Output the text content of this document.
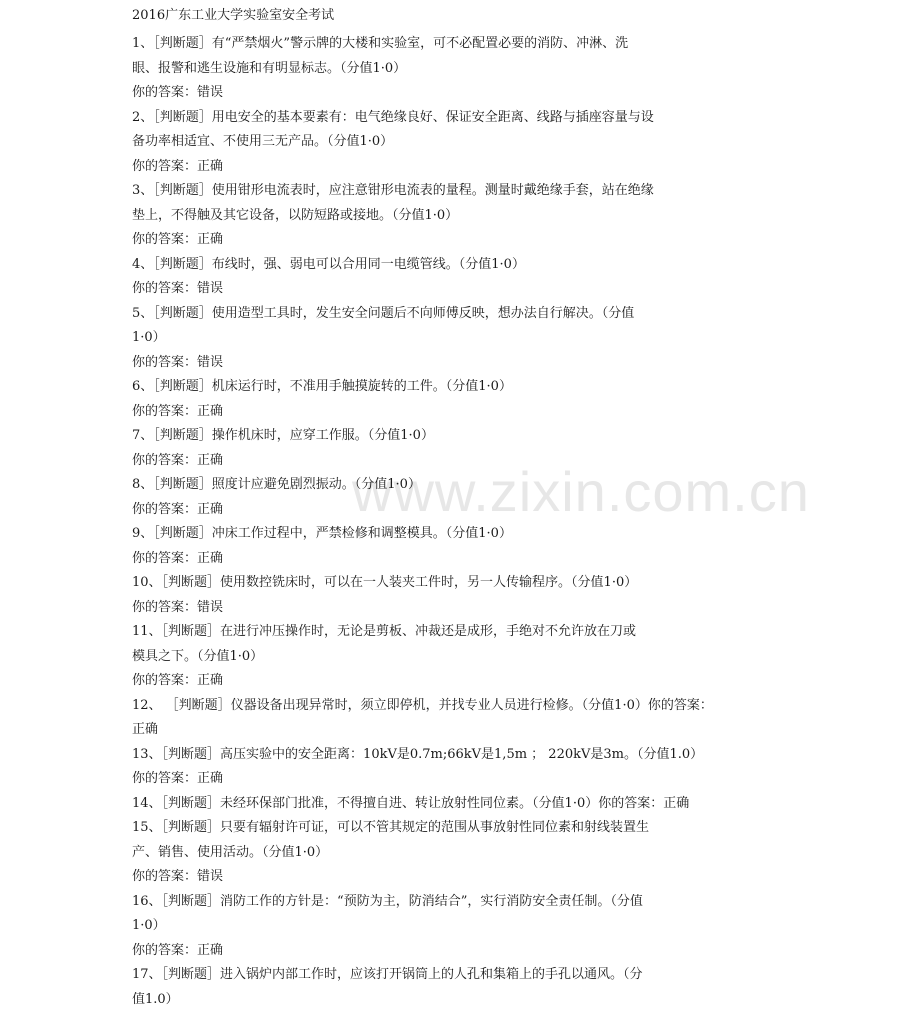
www.zixin.com.cn
2016广东工业大学实验室安全考试
1、［判断题］有“严禁烟火”警示牌的大楼和实验室，可不必配置必要的消防、冲淋、洗
眼、报警和逃生设施和有明显标志。（分值1·0）
你的答案：错误
2、［判断题］用电安全的基本要素有：电气绝缘良好、保证安全距离、线路与插座容量与设
备功率相适宜、不使用三无产品。（分值1·0）
你的答案：正确
3、［判断题］使用钳形电流表时，应注意钳形电流表的量程。测量时戴绝缘手套，站在绝缘
垫上，不得触及其它设备，以防短路或接地。（分值1·0）
你的答案：正确
4、［判断题］布线时，强、弱电可以合用同一电缆管线。（分值1·0）
你的答案：错误
5、［判断题］使用造型工具时，发生安全问题后不向师傅反映，想办法自行解决。（分值
1·0）
你的答案：错误
6、［判断题］机床运行时，不准用手触摸旋转的工件。（分值1·0）
你的答案：正确
7、［判断题］操作机床时，应穿工作服。（分值1·0）
你的答案：正确
8、［判断题］照度计应避免剧烈振动。（分值1·0）
你的答案：正确
9、［判断题］冲床工作过程中，严禁检修和调整模具。（分值1·0）
你的答案：正确
10、［判断题］使用数控铣床时，可以在一人装夹工件时，另一人传输程序。（分值1·0）
你的答案：错误
11、［判断题］在进行冲压操作时，无论是剪板、冲裁还是成形，手绝对不允许放在刀或
模具之下。（分值1·0）
你的答案：正确
12、 ［判断题］仪器设备出现异常时，须立即停机，并找专业人员进行检修。（分值1·0）你的答案：
正确
13、［判断题］高压实验中的安全距离：10kV是0.7m;66kV是1,5m ； 220kV是3m。（分值1.0）
你的答案：正确
14、［判断题］未经环保部门批准，不得擅自进、转让放射性同位素。（分值1·0）你的答案：正确
15、［判断题］只要有辐射许可证，可以不管其规定的范围从事放射性同位素和射线装置生
产、销售、使用活动。（分值1·0）
你的答案：错误
16、［判断题］消防工作的方针是：“预防为主，防消结合”，实行消防安全责任制。（分值
1·0）
你的答案：正确
17、［判断题］进入锅炉内部工作时，应该打开锅筒上的人孔和集箱上的手孔以通风。（分
值1.0）
